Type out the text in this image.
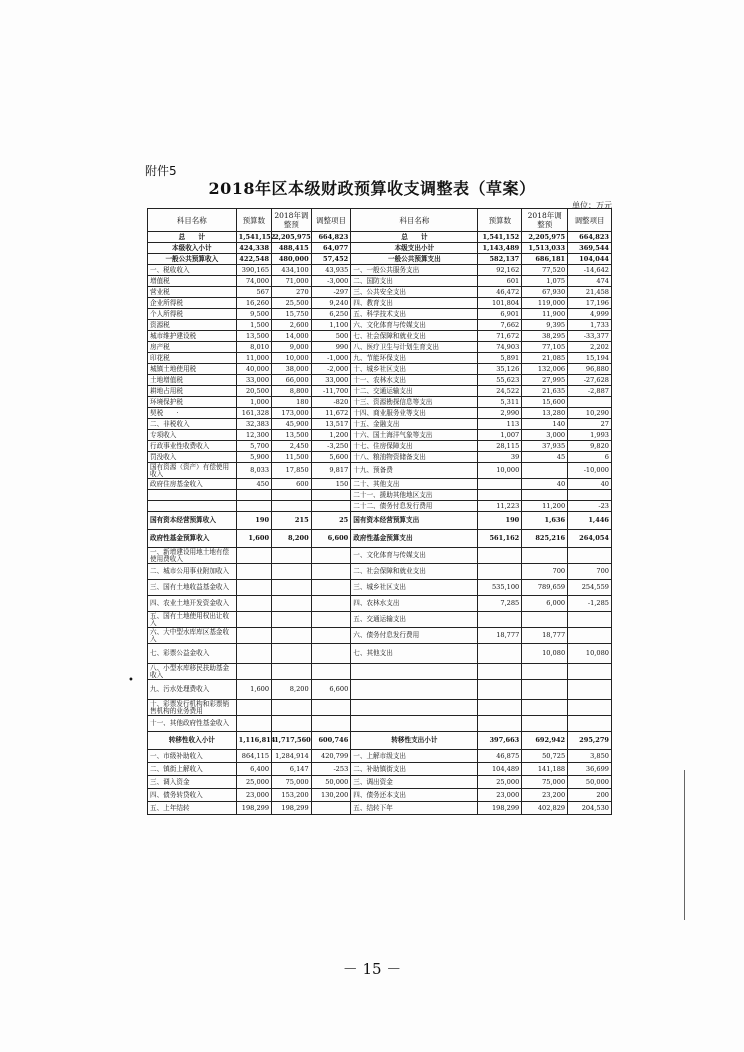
附件5
2018年区本级财政预算收支调整表（草案）
单位：万元
科目名称	预算数	2018年调整预	调整项目	科目名称	预算数	2018年调整预	调整项目
总　　计	1,541,152	2,205,975	664,823	总　　计	1,541,152	2,205,975	664,823
本级收入小计	424,338	488,415	64,077	本级支出小计	1,143,489	1,513,033	369,544
一般公共预算收入	422,548	480,000	57,452	一般公共预算支出	582,137	686,181	104,044
一、税收收入	390,165	434,100	43,935	一、一般公共服务支出	92,162	77,520	-14,642
增值税	74,000	71,000	-3,000	二、国防支出	601	1,075	474
营业税	567	270	-297	三、公共安全支出	46,472	67,930	21,458
企业所得税	16,260	25,500	9,240	四、教育支出	101,804	119,000	17,196
个人所得税	9,500	15,750	6,250	五、科学技术支出	6,901	11,900	4,999
资源税	1,500	2,600	1,100	六、文化体育与传媒支出	7,662	9,395	1,733
城市维护建设税	13,500	14,000	500	七、社会保障和就业支出	71,672	38,295	-33,377
房产税	8,010	9,000	990	八、医疗卫生与计划生育支出	74,903	77,105	2,202
印花税	11,000	10,000	-1,000	九、节能环保支出	5,891	21,085	15,194
城镇土地使用税	40,000	38,000	-2,000	十、城乡社区支出	35,126	132,006	96,880
土地增值税	33,000	66,000	33,000	十一、农林水支出	55,623	27,995	-27,628
耕地占用税	20,500	8,800	-11,700	十二、交通运输支出	24,522	21,635	-2,887
环境保护税	1,000	180	-820	十三、资源勘探信息等支出	5,311	15,600	
契税　　·	161,328	173,000	11,672	十四、商业服务业等支出	2,990	13,280	10,290
二、非税收入	32,383	45,900	13,517	十五、金融支出	113	140	27
专项收入	12,300	13,500	1,200	十六、国土海洋气象等支出	1,007	3,000	1,993
行政事业性收费收入	5,700	2,450	-3,250	十七、住房保障支出	28,115	37,935	9,820
罚没收入	5,900	11,500	5,600	十八、粮油物资储备支出	39	45	6
国有资源（资产）有偿使用收入	8,033	17,850	9,817	十九、预备费	10,000		-10,000
政府住房基金收入	450	600	150	二十、其他支出		40	40
				二十一、援助其他地区支出			
				二十二、债务付息发行费用	11,223	11,200	-23
国有资本经营预算收入	190	215	25	国有资本经营预算支出	190	1,636	1,446
政府性基金预算收入	1,600	8,200	6,600	政府性基金预算支出	561,162	825,216	264,054
一、新增建设用地土地有偿使用费收入				一、文化体育与传媒支出			
二、城市公用事业附加收入				二、社会保障和就业支出		700	700
三、国有土地收益基金收入				三、城乡社区支出	535,100	789,659	254,559
四、农业土地开发资金收入				四、农林水支出	7,285	6,000	-1,285
五、国有土地使用权出让收入				五、交通运输支出			
六、大中型水库库区基金收入				六、债务付息发行费用	18,777	18,777	
七、彩票公益金收入				七、其他支出		10,080	10,080
八、小型水库移民扶助基金收入							
九、污水处理费收入	1,600	8,200	6,600				
十、彩票发行机构和彩票销售机构的业务费用							
十一、其他政府性基金收入							
转移性收入小计	1,116,814	1,717,560	600,746	转移性支出小计	397,663	692,942	295,279
一、市级补助收入	864,115	1,284,914	420,799	一、上解市级支出	46,875	50,725	3,850
二、镇街上解收入	6,400	6,147	-253	二、补助镇街支出	104,489	141,188	36,699
三、调入资金	25,000	75,000	50,000	三、调出资金	25,000	75,000	50,000
四、债务转贷收入	23,000	153,200	130,200	四、债务还本支出	23,000	23,200	200
五、上年结转	198,299	198,299		五、结转下年	198,299	402,829	204,530
•
－ 15 －
